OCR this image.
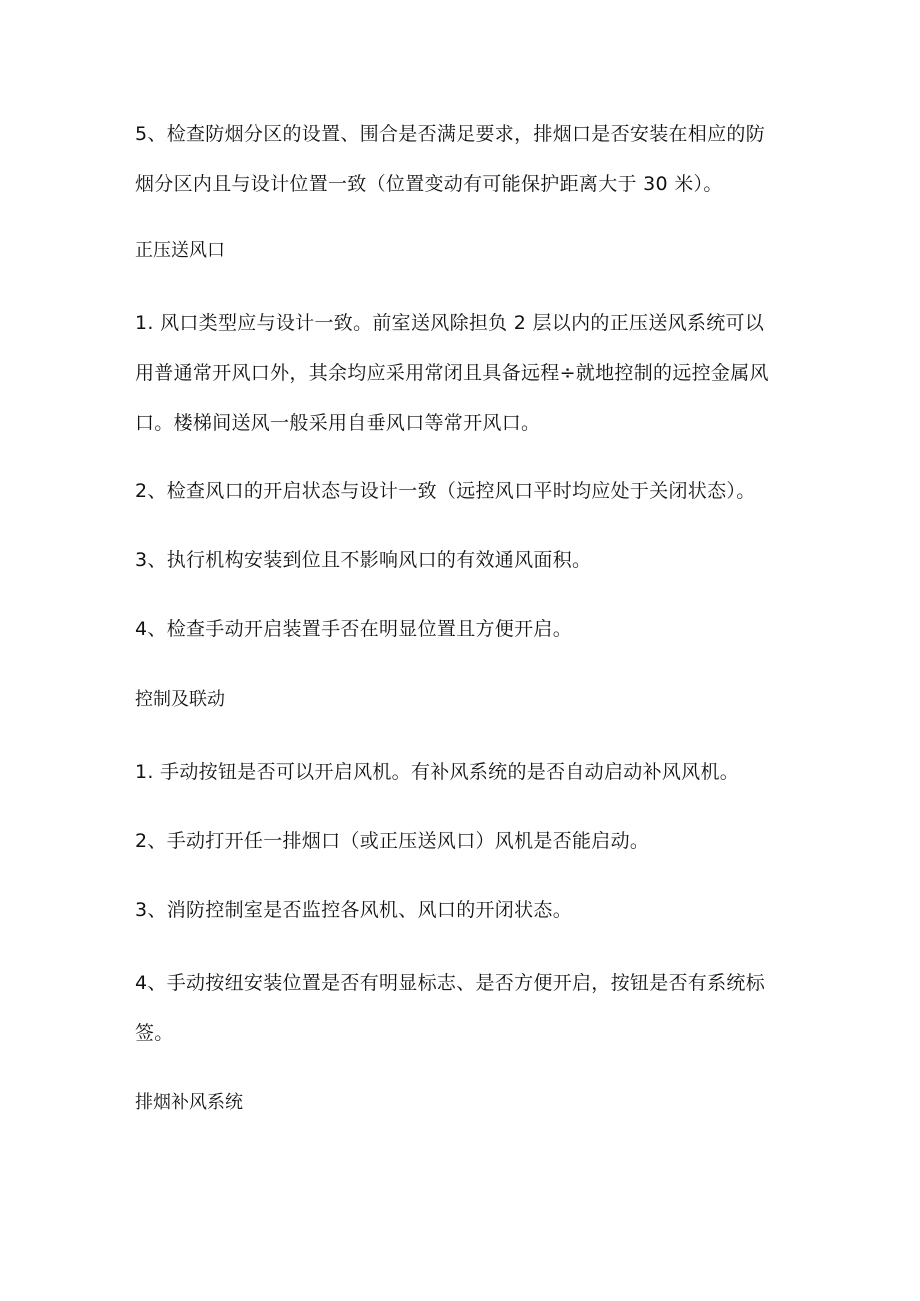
5、检查防烟分区的设置、围合是否满足要求，排烟口是否安装在相应的防
烟分区内且与设计位置一致（位置变动有可能保护距离大于 30 米）。

正压送风口

1. 风口类型应与设计一致。前室送风除担负 2 层以内的正压送风系统可以
用普通常开风口外，其余均应采用常闭且具备远程÷就地控制的远控金属风
口。楼梯间送风一般采用自垂风口等常开风口。

2、检查风口的开启状态与设计一致（远控风口平时均应处于关闭状态）。

3、执行机构安装到位且不影响风口的有效通风面积。

4、检查手动开启装置手否在明显位置且方便开启。

控制及联动

1. 手动按钮是否可以开启风机。有补风系统的是否自动启动补风风机。

2、手动打开任一排烟口（或正压送风口）风机是否能启动。

3、消防控制室是否监控各风机、风口的开闭状态。

4、手动按纽安装位置是否有明显标志、是否方便开启，按钮是否有系统标
签。

排烟补风系统
